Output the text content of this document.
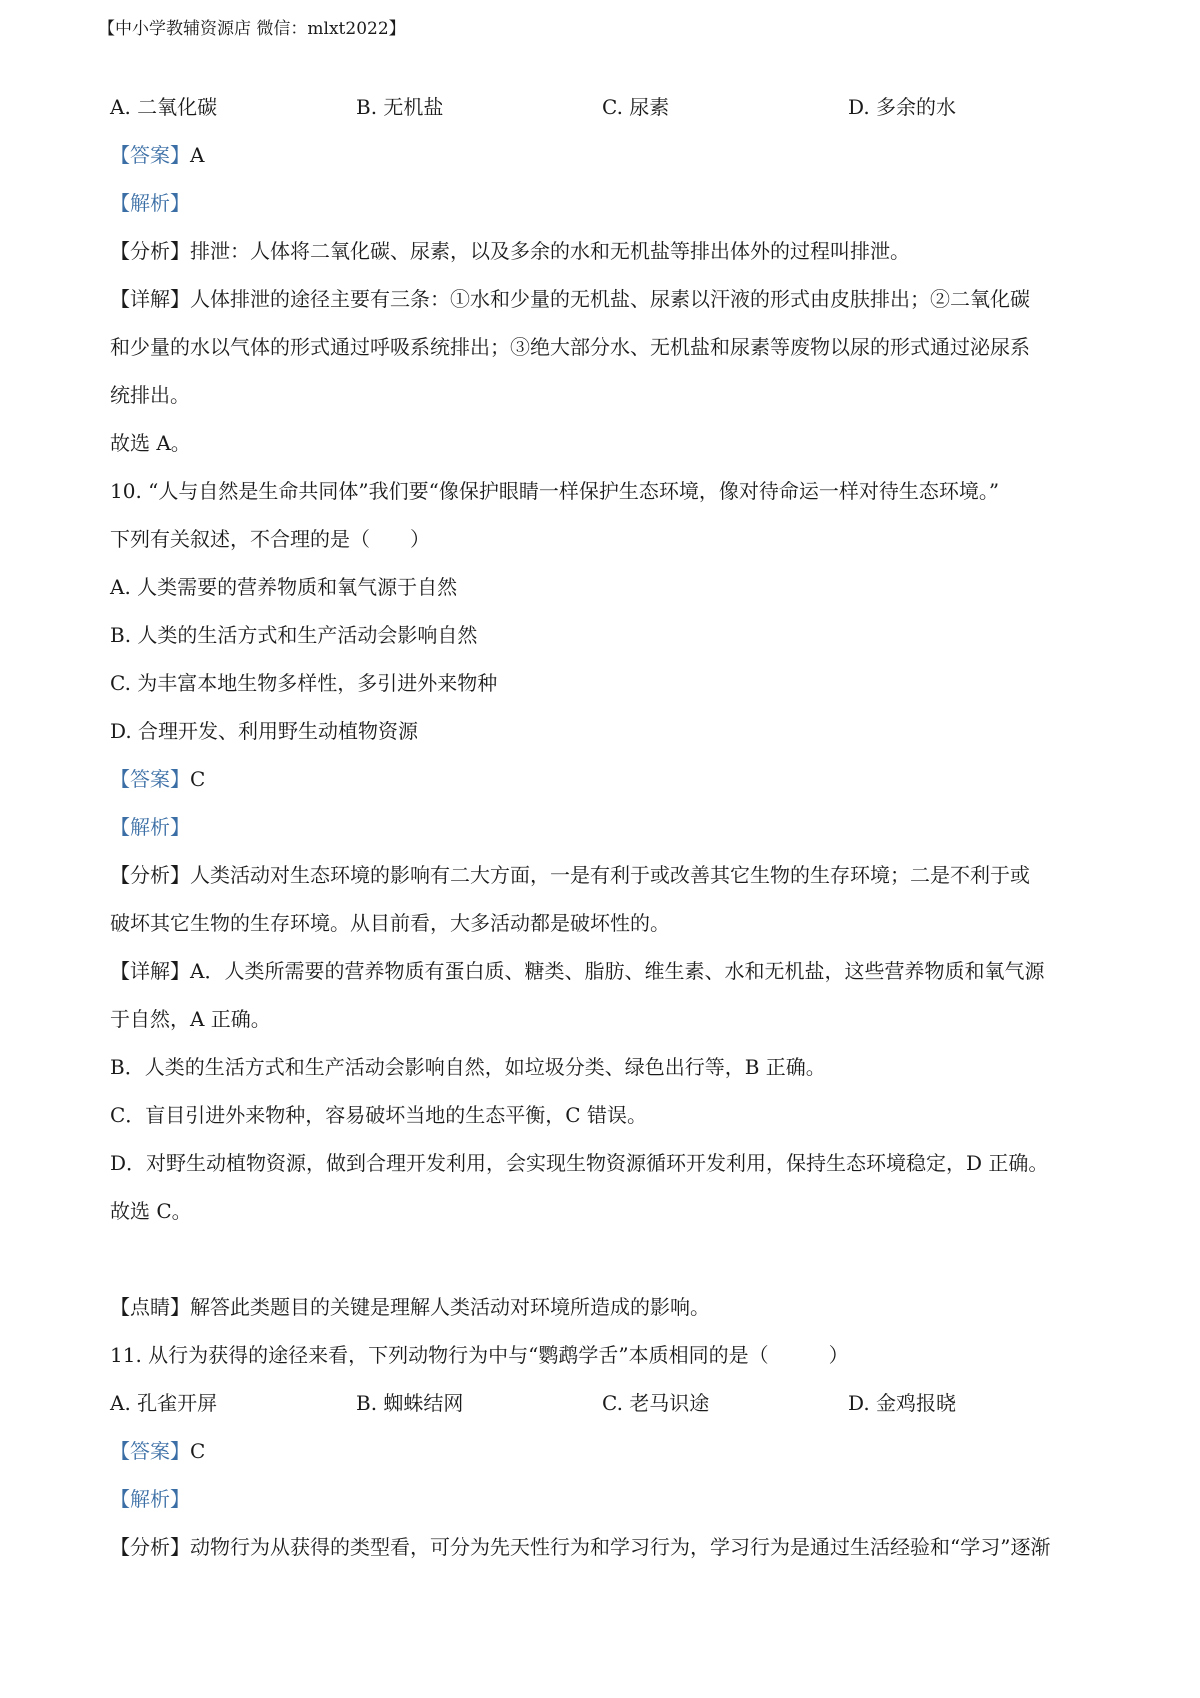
【中小学教辅资源店 微信：mlxt2022】
A. 二氧化碳	B. 无机盐	C. 尿素	D. 多余的水
【答案】A
【解析】
【分析】排泄：人体将二氧化碳、尿素，以及多余的水和无机盐等排出体外的过程叫排泄。
【详解】人体排泄的途径主要有三条：①水和少量的无机盐、尿素以汗液的形式由皮肤排出；②二氧化碳
和少量的水以气体的形式通过呼吸系统排出；③绝大部分水、无机盐和尿素等废物以尿的形式通过泌尿系
统排出。
故选 A。
10. “人与自然是生命共同体”我们要“像保护眼睛一样保护生态环境，像对待命运一样对待生态环境。”
下列有关叙述，不合理的是（　　）
A. 人类需要的营养物质和氧气源于自然
B. 人类的生活方式和生产活动会影响自然
C. 为丰富本地生物多样性，多引进外来物种
D. 合理开发、利用野生动植物资源
【答案】C
【解析】
【分析】人类活动对生态环境的影响有二大方面，一是有利于或改善其它生物的生存环境；二是不利于或
破坏其它生物的生存环境。从目前看，大多活动都是破坏性的。
【详解】A．人类所需要的营养物质有蛋白质、糖类、脂肪、维生素、水和无机盐，这些营养物质和氧气源
于自然，A 正确。
B．人类的生活方式和生产活动会影响自然，如垃圾分类、绿色出行等，B 正确。
C．盲目引进外来物种，容易破坏当地的生态平衡，C 错误。
D．对野生动植物资源，做到合理开发利用，会实现生物资源循环开发利用，保持生态环境稳定，D 正确。
故选 C。
【点睛】解答此类题目的关键是理解人类活动对环境所造成的影响。
11. 从行为获得的途径来看，下列动物行为中与“鹦鹉学舌”本质相同的是（　　　）
A. 孔雀开屏	B. 蜘蛛结网	C. 老马识途	D. 金鸡报晓
【答案】C
【解析】
【分析】动物行为从获得的类型看，可分为先天性行为和学习行为，学习行为是通过生活经验和“学习”逐渐
